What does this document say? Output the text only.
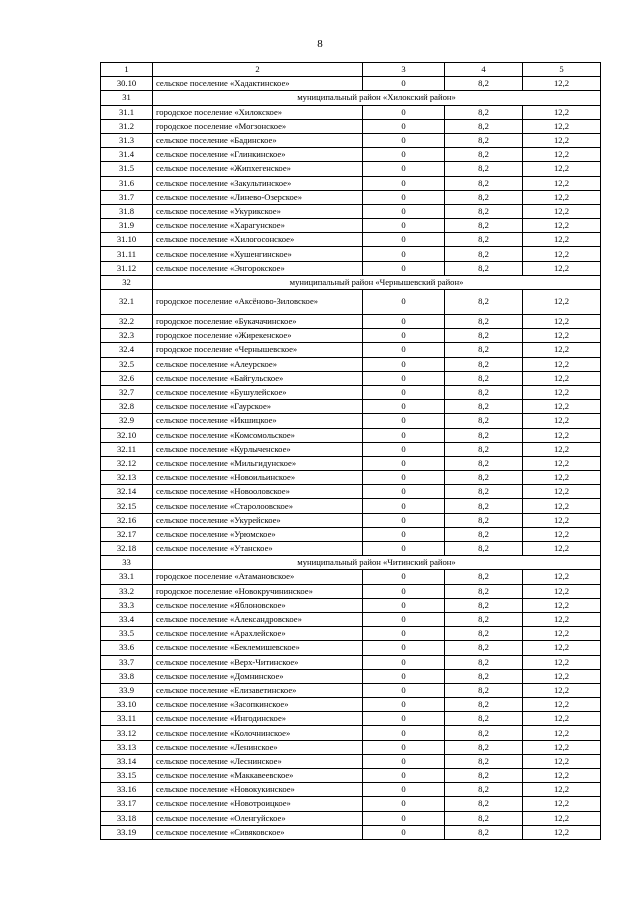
8
1	2	3	4	5
30.10	сельское поселение «Хадактинское»	0	8,2	12,2
31	муниципальный район «Хилокский район»			
31.1	городское поселение «Хилокское»	0	8,2	12,2
31.2	городское поселение «Могзонское»	0	8,2	12,2
31.3	сельское поселение «Бадинское»	0	8,2	12,2
31.4	сельское поселение «Глинкинское»	0	8,2	12,2
31.5	сельское поселение «Жипхегенское»	0	8,2	12,2
31.6	сельское поселение «Закультинское»	0	8,2	12,2
31.7	сельское поселение «Линево-Озерское»	0	8,2	12,2
31.8	сельское поселение «Укурикское»	0	8,2	12,2
31.9	сельское поселение «Харагунское»	0	8,2	12,2
31.10	сельское поселение «Хилогосонское»	0	8,2	12,2
31.11	сельское поселение «Хушенгинское»	0	8,2	12,2
31.12	сельское поселение «Энгорокское»	0	8,2	12,2
32	муниципальный район «Чернышевский район»			
32.1	городское поселение «Аксёново-Зиловское»	0	8,2	12,2
32.2	городское поселение «Букачачинское»	0	8,2	12,2
32.3	городское поселение «Жирекенское»	0	8,2	12,2
32.4	городское поселение «Чернышевское»	0	8,2	12,2
32.5	сельское поселение «Алеурское»	0	8,2	12,2
32.6	сельское поселение «Байгульское»	0	8,2	12,2
32.7	сельское поселение «Бушулейское»	0	8,2	12,2
32.8	сельское поселение «Гаурское»	0	8,2	12,2
32.9	сельское поселение «Икшицкое»	0	8,2	12,2
32.10	сельское поселение «Комсомольское»	0	8,2	12,2
32.11	сельское поселение «Курлыченское»	0	8,2	12,2
32.12	сельское поселение «Мильгидунское»	0	8,2	12,2
32.13	сельское поселение «Новоильинское»	0	8,2	12,2
32.14	сельское поселение «Новооловское»	0	8,2	12,2
32.15	сельское поселение «Старолоовское»	0	8,2	12,2
32.16	сельское поселение «Укурейское»	0	8,2	12,2
32.17	сельское поселение «Урюмское»	0	8,2	12,2
32.18	сельское поселение «Утанское»	0	8,2	12,2
33	муниципальный район «Читинский район»			
33.1	городское поселение «Атамановское»	0	8,2	12,2
33.2	городское поселение «Новокручининское»	0	8,2	12,2
33.3	сельское поселение «Яблоновское»	0	8,2	12,2
33.4	сельское поселение «Александровское»	0	8,2	12,2
33.5	сельское поселение «Арахлейское»	0	8,2	12,2
33.6	сельское поселение «Беклемишевское»	0	8,2	12,2
33.7	сельское поселение «Верх-Читинское»	0	8,2	12,2
33.8	сельское поселение «Домнинское»	0	8,2	12,2
33.9	сельское поселение «Елизаветинское»	0	8,2	12,2
33.10	сельское поселение «Засопкинское»	0	8,2	12,2
33.11	сельское поселение «Ингодинское»	0	8,2	12,2
33.12	сельское поселение «Колочнинское»	0	8,2	12,2
33.13	сельское поселение «Ленинское»	0	8,2	12,2
33.14	сельское поселение «Леснинское»	0	8,2	12,2
33.15	сельское поселение «Маккавеевское»	0	8,2	12,2
33.16	сельское поселение «Новокукинское»	0	8,2	12,2
33.17	сельское поселение «Новотроицкое»	0	8,2	12,2
33.18	сельское поселение «Оленгуйское»	0	8,2	12,2
33.19	сельское поселение «Сивяковское»	0	8,2	12,2
